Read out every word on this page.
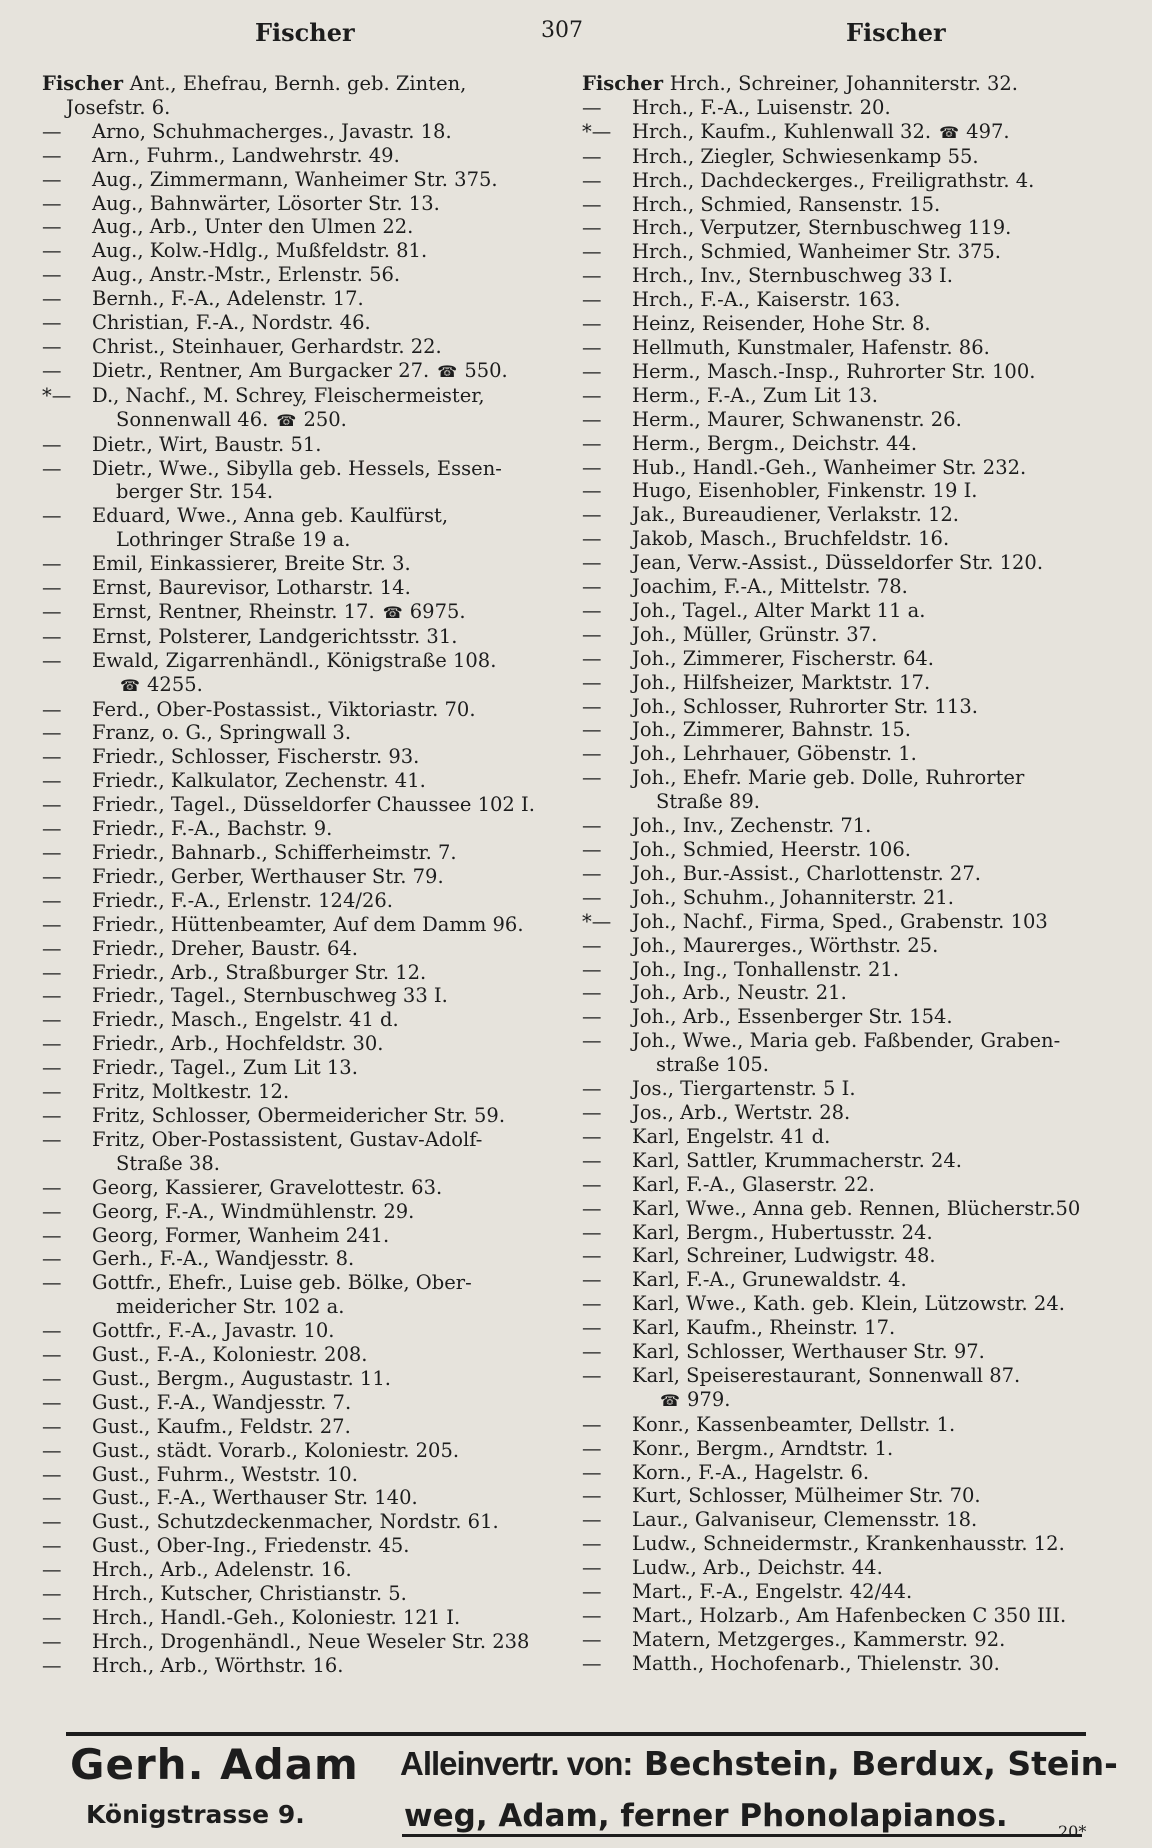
Fischer	307	Fischer
Fischer Ant., Ehefrau, Bernh. geb. Zinten,
Josefstr. 6.
—	Arno, Schuhmacherges., Javastr. 18.
—	Arn., Fuhrm., Landwehrstr. 49.
—	Aug., Zimmermann, Wanheimer Str. 375.
—	Aug., Bahnwärter, Lösorter Str. 13.
—	Aug., Arb., Unter den Ulmen 22.
—	Aug., Kolw.-Hdlg., Mußfeldstr. 81.
—	Aug., Anstr.-Mstr., Erlenstr. 56.
—	Bernh., F.-A., Adelenstr. 17.
—	Christian, F.-A., Nordstr. 46.
—	Christ., Steinhauer, Gerhardstr. 22.
—	Dietr., Rentner, Am Burgacker 27. ☎ 550.
*—	D., Nachf., M. Schrey, Fleischermeister,
Sonnenwall 46. ☎ 250.
—	Dietr., Wirt, Baustr. 51.
—	Dietr., Wwe., Sibylla geb. Hessels, Essen-
berger Str. 154.
—	Eduard, Wwe., Anna geb. Kaulfürst,
Lothringer Straße 19 a.
—	Emil, Einkassierer, Breite Str. 3.
—	Ernst, Baurevisor, Lotharstr. 14.
—	Ernst, Rentner, Rheinstr. 17. ☎ 6975.
—	Ernst, Polsterer, Landgerichtsstr. 31.
—	Ewald, Zigarrenhändl., Königstraße 108.
☎ 4255.
—	Ferd., Ober-Postassist., Viktoriastr. 70.
—	Franz, o. G., Springwall 3.
—	Friedr., Schlosser, Fischerstr. 93.
—	Friedr., Kalkulator, Zechenstr. 41.
—	Friedr., Tagel., Düsseldorfer Chaussee 102 I.
—	Friedr., F.-A., Bachstr. 9.
—	Friedr., Bahnarb., Schifferheimstr. 7.
—	Friedr., Gerber, Werthauser Str. 79.
—	Friedr., F.-A., Erlenstr. 124/26.
—	Friedr., Hüttenbeamter, Auf dem Damm 96.
—	Friedr., Dreher, Baustr. 64.
—	Friedr., Arb., Straßburger Str. 12.
—	Friedr., Tagel., Sternbuschweg 33 I.
—	Friedr., Masch., Engelstr. 41 d.
—	Friedr., Arb., Hochfeldstr. 30.
—	Friedr., Tagel., Zum Lit 13.
—	Fritz, Moltkestr. 12.
—	Fritz, Schlosser, Obermeidericher Str. 59.
—	Fritz, Ober-Postassistent, Gustav-Adolf-
Straße 38.
—	Georg, Kassierer, Gravelottestr. 63.
—	Georg, F.-A., Windmühlenstr. 29.
—	Georg, Former, Wanheim 241.
—	Gerh., F.-A., Wandjesstr. 8.
—	Gottfr., Ehefr., Luise geb. Bölke, Ober-
meidericher Str. 102 a.
—	Gottfr., F.-A., Javastr. 10.
—	Gust., F.-A., Koloniestr. 208.
—	Gust., Bergm., Augustastr. 11.
—	Gust., F.-A., Wandjesstr. 7.
—	Gust., Kaufm., Feldstr. 27.
—	Gust., städt. Vorarb., Koloniestr. 205.
—	Gust., Fuhrm., Weststr. 10.
—	Gust., F.-A., Werthauser Str. 140.
—	Gust., Schutzdeckenmacher, Nordstr. 61.
—	Gust., Ober-Ing., Friedenstr. 45.
—	Hrch., Arb., Adelenstr. 16.
—	Hrch., Kutscher, Christianstr. 5.
—	Hrch., Handl.-Geh., Koloniestr. 121 I.
—	Hrch., Drogenhändl., Neue Weseler Str. 238
—	Hrch., Arb., Wörthstr. 16.
Fischer Hrch., Schreiner, Johanniterstr. 32.
—	Hrch., F.-A., Luisenstr. 20.
*—	Hrch., Kaufm., Kuhlenwall 32. ☎ 497.
—	Hrch., Ziegler, Schwiesenkamp 55.
—	Hrch., Dachdeckerges., Freiligrathstr. 4.
—	Hrch., Schmied, Ransenstr. 15.
—	Hrch., Verputzer, Sternbuschweg 119.
—	Hrch., Schmied, Wanheimer Str. 375.
—	Hrch., Inv., Sternbuschweg 33 I.
—	Hrch., F.-A., Kaiserstr. 163.
—	Heinz, Reisender, Hohe Str. 8.
—	Hellmuth, Kunstmaler, Hafenstr. 86.
—	Herm., Masch.-Insp., Ruhrorter Str. 100.
—	Herm., F.-A., Zum Lit 13.
—	Herm., Maurer, Schwanenstr. 26.
—	Herm., Bergm., Deichstr. 44.
—	Hub., Handl.-Geh., Wanheimer Str. 232.
—	Hugo, Eisenhobler, Finkenstr. 19 I.
—	Jak., Bureaudiener, Verlakstr. 12.
—	Jakob, Masch., Bruchfeldstr. 16.
—	Jean, Verw.-Assist., Düsseldorfer Str. 120.
—	Joachim, F.-A., Mittelstr. 78.
—	Joh., Tagel., Alter Markt 11 a.
—	Joh., Müller, Grünstr. 37.
—	Joh., Zimmerer, Fischerstr. 64.
—	Joh., Hilfsheizer, Marktstr. 17.
—	Joh., Schlosser, Ruhrorter Str. 113.
—	Joh., Zimmerer, Bahnstr. 15.
—	Joh., Lehrhauer, Göbenstr. 1.
—	Joh., Ehefr. Marie geb. Dolle, Ruhrorter
Straße 89.
—	Joh., Inv., Zechenstr. 71.
—	Joh., Schmied, Heerstr. 106.
—	Joh., Bur.-Assist., Charlottenstr. 27.
—	Joh., Schuhm., Johanniterstr. 21.
*—	Joh., Nachf., Firma, Sped., Grabenstr. 103
—	Joh., Maurerges., Wörthstr. 25.
—	Joh., Ing., Tonhallenstr. 21.
—	Joh., Arb., Neustr. 21.
—	Joh., Arb., Essenberger Str. 154.
—	Joh., Wwe., Maria geb. Faßbender, Graben-
straße 105.
—	Jos., Tiergartenstr. 5 I.
—	Jos., Arb., Wertstr. 28.
—	Karl, Engelstr. 41 d.
—	Karl, Sattler, Krummacherstr. 24.
—	Karl, F.-A., Glaserstr. 22.
—	Karl, Wwe., Anna geb. Rennen, Blücherstr.50
—	Karl, Bergm., Hubertusstr. 24.
—	Karl, Schreiner, Ludwigstr. 48.
—	Karl, F.-A., Grunewaldstr. 4.
—	Karl, Wwe., Kath. geb. Klein, Lützowstr. 24.
—	Karl, Kaufm., Rheinstr. 17.
—	Karl, Schlosser, Werthauser Str. 97.
—	Karl, Speiserestaurant, Sonnenwall 87.
☎ 979.
—	Konr., Kassenbeamter, Dellstr. 1.
—	Konr., Bergm., Arndtstr. 1.
—	Korn., F.-A., Hagelstr. 6.
—	Kurt, Schlosser, Mülheimer Str. 70.
—	Laur., Galvaniseur, Clemensstr. 18.
—	Ludw., Schneidermstr., Krankenhausstr. 12.
—	Ludw., Arb., Deichstr. 44.
—	Mart., F.-A., Engelstr. 42/44.
—	Mart., Holzarb., Am Hafenbecken C 350 III.
—	Matern, Metzgerges., Kammerstr. 92.
—	Matth., Hochofenarb., Thielenstr. 30.
Gerh. Adam Alleinvertr. von: Bechstein, Berdux, Stein-
Königstrasse 9.	weg, Adam, ferner Phonolapianos.	20*
